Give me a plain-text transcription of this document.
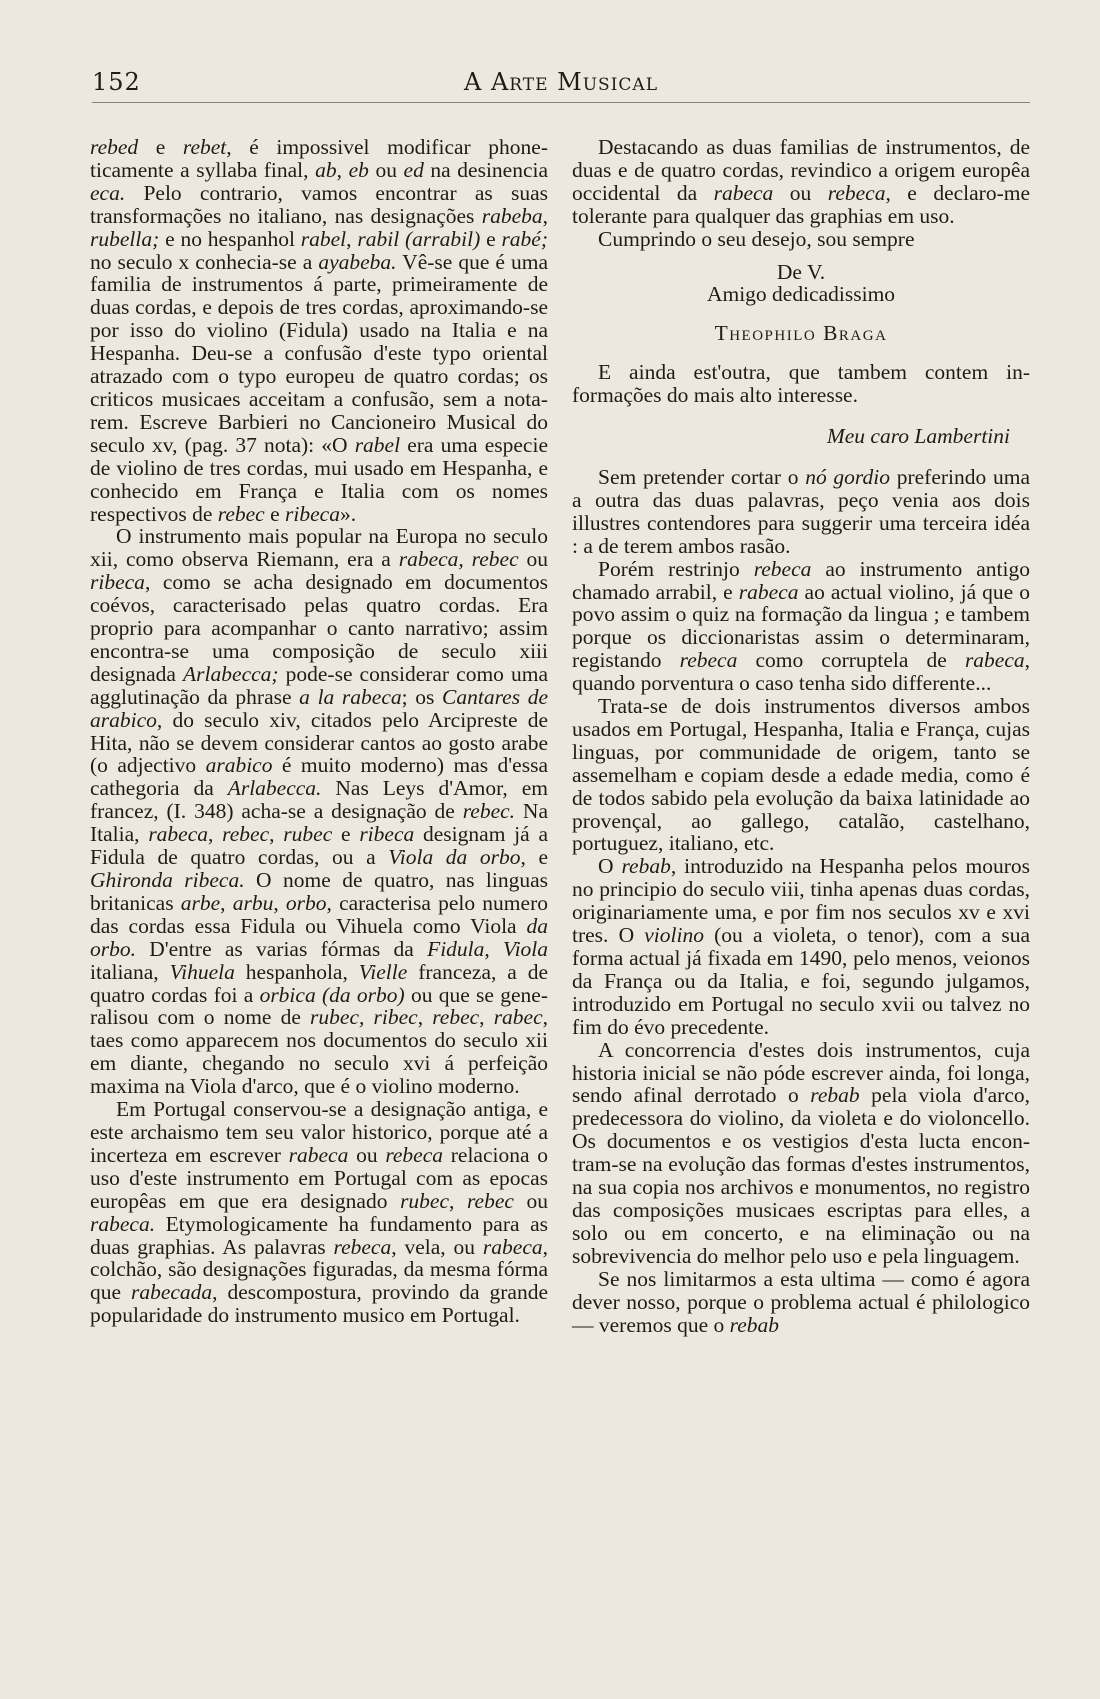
152	A Arte Musical

rebed e rebet, é impossivel modificar phoneticamente a syllaba final, ab, eb ou ed na desinencia eca. Pelo contrario, vamos encontrar as suas transformações no italiano, nas designações rabeba, rubella; e no hespanhol rabel, rabil (arrabil) e rabé; no seculo x conhecia-se a ayabeba. Vê-se que é uma familia de instrumentos á parte, primeiramente de duas cordas, e depois de tres cordas, aproximando-se por isso do violino (Fidula) usado na Italia e na Hespanha. Deu-se a confusão d'este typo oriental atrazado com o typo europeu de quatro cordas; os criticos musicaes acceitam a confusão, sem a notarem. Escreve Barbieri no Cancioneiro Musical do seculo xv, (pag. 37 nota): «O rabel era uma especie de violino de tres cordas, mui usado em Hespanha, e conhecido em França e Italia com os nomes respectivos de rebec e ribeca».

O instrumento mais popular na Europa no seculo xii, como observa Riemann, era a rabeca, rebec ou ribeca, como se acha designado em documentos coévos, caracterisado pelas quatro cordas. Era proprio para acompanhar o canto narrativo; assim encontra-se uma composição de seculo xiii designada Arlabecca; pode-se considerar como uma agglutinação da phrase a la rabeca; os Cantares de arabico, do seculo xiv, citados pelo Arcipreste de Hita, não se devem considerar cantos ao gosto arabe (o adjectivo arabico é muito moderno) mas d'essa cathegoria da Arlabecca. Nas Leys d'Amor, em francez, (I. 348) acha-se a designação de rebec. Na Italia, rabeca, rebec, rubec e ribeca designam já a Fidula de quatro cordas, ou a Viola da orbo, e Ghironda ribeca. O nome de quatro, nas linguas britanicas arbe, arbu, orbo, caracterisa pelo numero das cordas essa Fidula ou Vihuela como Viola da orbo. D'entre as varias fórmas da Fidula, Viola italiana, Vihuela hespanhola, Vielle franceza, a de quatro cordas foi a orbica (da orbo) ou que se generalisou com o nome de rubec, ribec, rebec, rabec, taes como apparecem nos documentos do seculo xii em diante, chegando no seculo xvi á perfeição maxima na Viola d'arco, que é o violino moderno.

Em Portugal conservou-se a designação antiga, e este archaismo tem seu valor historico, porque até a incerteza em escrever rabeca ou rebeca relaciona o uso d'este instrumento em Portugal com as epocas europêas em que era designado rubec, rebec ou rabeca. Etymologicamente ha fundamento para as duas graphias. As palavras rebeca, vela, ou rabeca, colchão, são designações figuradas, da mesma fórma que rabecada, descompostura, provindo da grande popularidade do instrumento musico em Portugal.

Destacando as duas familias de instrumentos, de duas e de quatro cordas, revindico a origem europêa occidental da rabeca ou rebeca, e declaro-me tolerante para qualquer das graphias em uso.

Cumprindo o seu desejo, sou sempre

De V.

Amigo dedicadissimo

Theophilo Braga

E ainda est'outra, que tambem contem informações do mais alto interesse.

Meu caro Lambertini

Sem pretender cortar o nó gordio preferindo uma a outra das duas palavras, peço venia aos dois illustres contendores para suggerir uma terceira idéa : a de terem ambos rasão.

Porém restrinjo rebeca ao instrumento antigo chamado arrabil, e rabeca ao actual violino, já que o povo assim o quiz na formação da lingua ; e tambem porque os diccionaristas assim o determinaram, registando rebeca como corruptela de rabeca, quando porventura o caso tenha sido differente...

Trata-se de dois instrumentos diversos ambos usados em Portugal, Hespanha, Italia e França, cujas linguas, por communidade de origem, tanto se assemelham e copiam desde a edade media, como é de todos sabido pela evolução da baixa latinidade ao provençal, ao gallego, catalão, castelhano, portuguez, italiano, etc.

O rebab, introduzido na Hespanha pelos mouros no principio do seculo viii, tinha apenas duas cordas, originariamente uma, e por fim nos seculos xv e xvi tres. O violino (ou a violeta, o tenor), com a sua forma actual já fixada em 1490, pelo menos, veionos da França ou da Italia, e foi, segundo julgamos, introduzido em Portugal no seculo xvii ou talvez no fim do évo precedente.

A concorrencia d'estes dois instrumentos, cuja historia inicial se não póde escrever ainda, foi longa, sendo afinal derrotado o rebab pela viola d'arco, predecessora do violino, da violeta e do violoncello. Os documentos e os vestigios d'esta lucta encontram-se na evolução das formas d'estes instrumentos, na sua copia nos archivos e monumentos, no registro das composições musicaes escriptas para elles, a solo ou em concerto, e na eliminação ou na sobrevivencia do melhor pelo uso e pela linguagem.

Se nos limitarmos a esta ultima — como é agora dever nosso, porque o problema actual é philologico — veremos que o rebab
